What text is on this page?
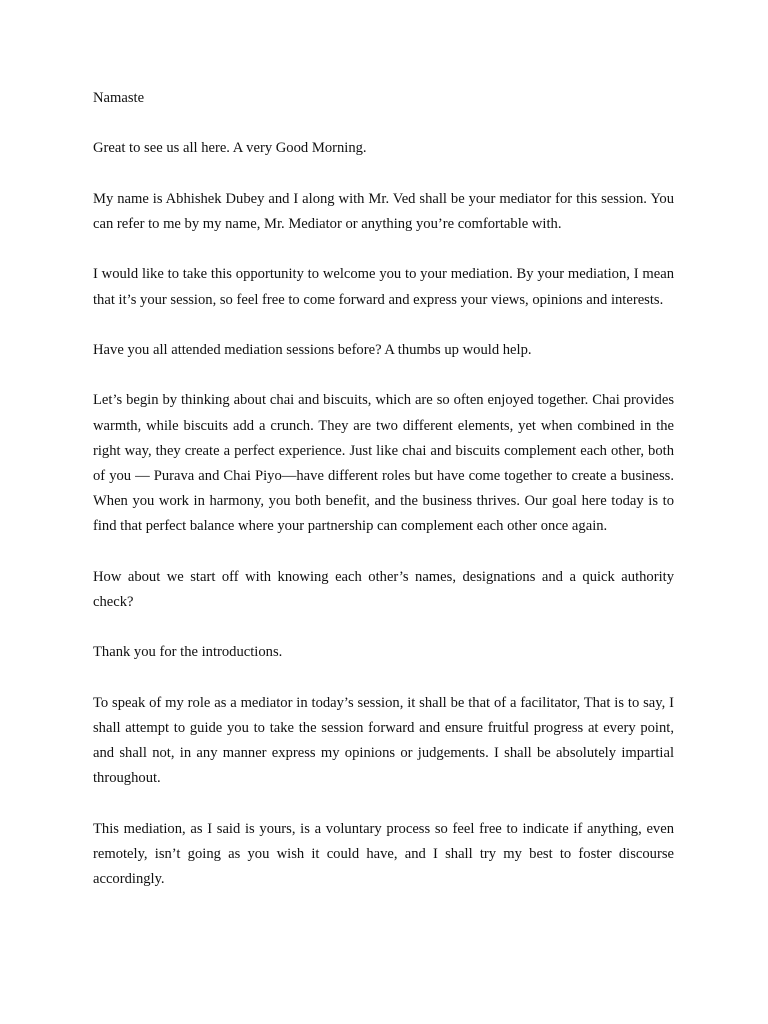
Namaste

Great to see us all here. A very Good Morning.

My name is Abhishek Dubey and I along with Mr. Ved shall be your mediator for this session. You can refer to me by my name, Mr. Mediator or anything you’re comfortable with.

I would like to take this opportunity to welcome you to your mediation. By your mediation, I mean that it’s your session, so feel free to come forward and express your views, opinions and interests.

Have you all attended mediation sessions before? A thumbs up would help.

Let’s begin by thinking about chai and biscuits, which are so often enjoyed together. Chai provides warmth, while biscuits add a crunch. They are two different elements, yet when combined in the right way, they create a perfect experience. Just like chai and biscuits complement each other, both of you — Purava and Chai Piyo—have different roles but have come together to create a business. When you work in harmony, you both benefit, and the business thrives. Our goal here today is to find that perfect balance where your partnership can complement each other once again.

How about we start off with knowing each other’s names, designations and a quick authority check?

Thank you for the introductions.

To speak of my role as a mediator in today’s session, it shall be that of a facilitator, That is to say, I shall attempt to guide you to take the session forward and ensure fruitful progress at every point, and shall not, in any manner express my opinions or judgements. I shall be absolutely impartial throughout.

This mediation, as I said is yours, is a voluntary process so feel free to indicate if anything, even remotely, isn’t going as you wish it could have, and I shall try my best to foster discourse accordingly.
